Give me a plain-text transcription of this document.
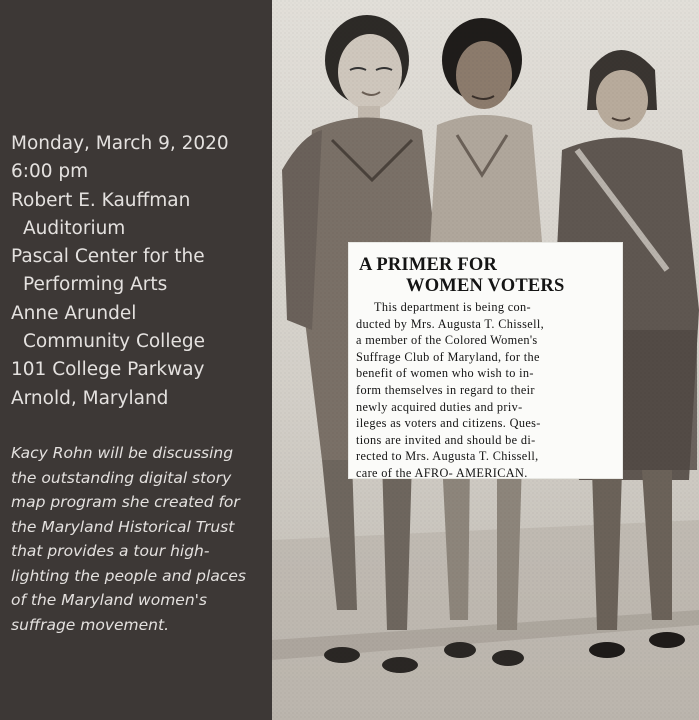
Monday, March 9, 2020
6:00 pm
Robert E. Kauffman
Auditorium
Pascal Center for the
Performing Arts
Anne Arundel
Community College
101 College Parkway
Arnold, Maryland
Kacy Rohn will be discussing
the outstanding digital story
map program she created for
the Maryland Historical Trust
that provides a tour high-
lighting the people and places
of the Maryland women's
suffrage movement.
A PRIMER FOR
WOMEN VOTERS
This department is being con-
ducted by Mrs. Augusta T. Chissell,
a member of the Colored Women's
Suffrage Club of Maryland, for the
benefit of women who wish to in-
form themselves in regard to their
newly acquired duties and priv-
ileges as voters and citizens. Ques-
tions are invited and should be di-
rected to Mrs. Augusta T. Chissell,
care of the AFRO- AMERICAN.
